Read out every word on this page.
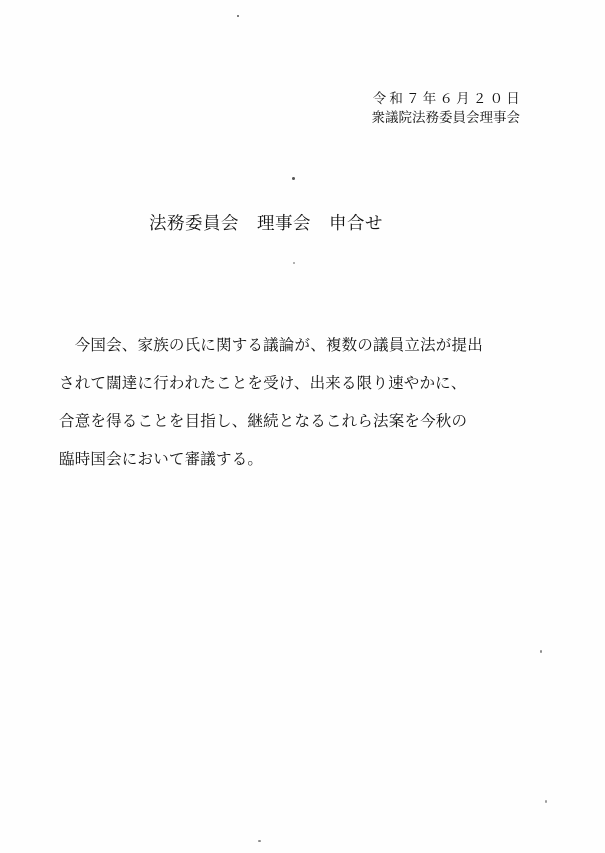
令和７年６月２０日
衆議院法務委員会理事会
法務委員会　理事会　申合せ
　今国会、家族の氏に関する議論が、複数の議員立法が提出
されて闊達に行われたことを受け、出来る限り速やかに、
合意を得ることを目指し、継続となるこれら法案を今秋の
臨時国会において審議する。
